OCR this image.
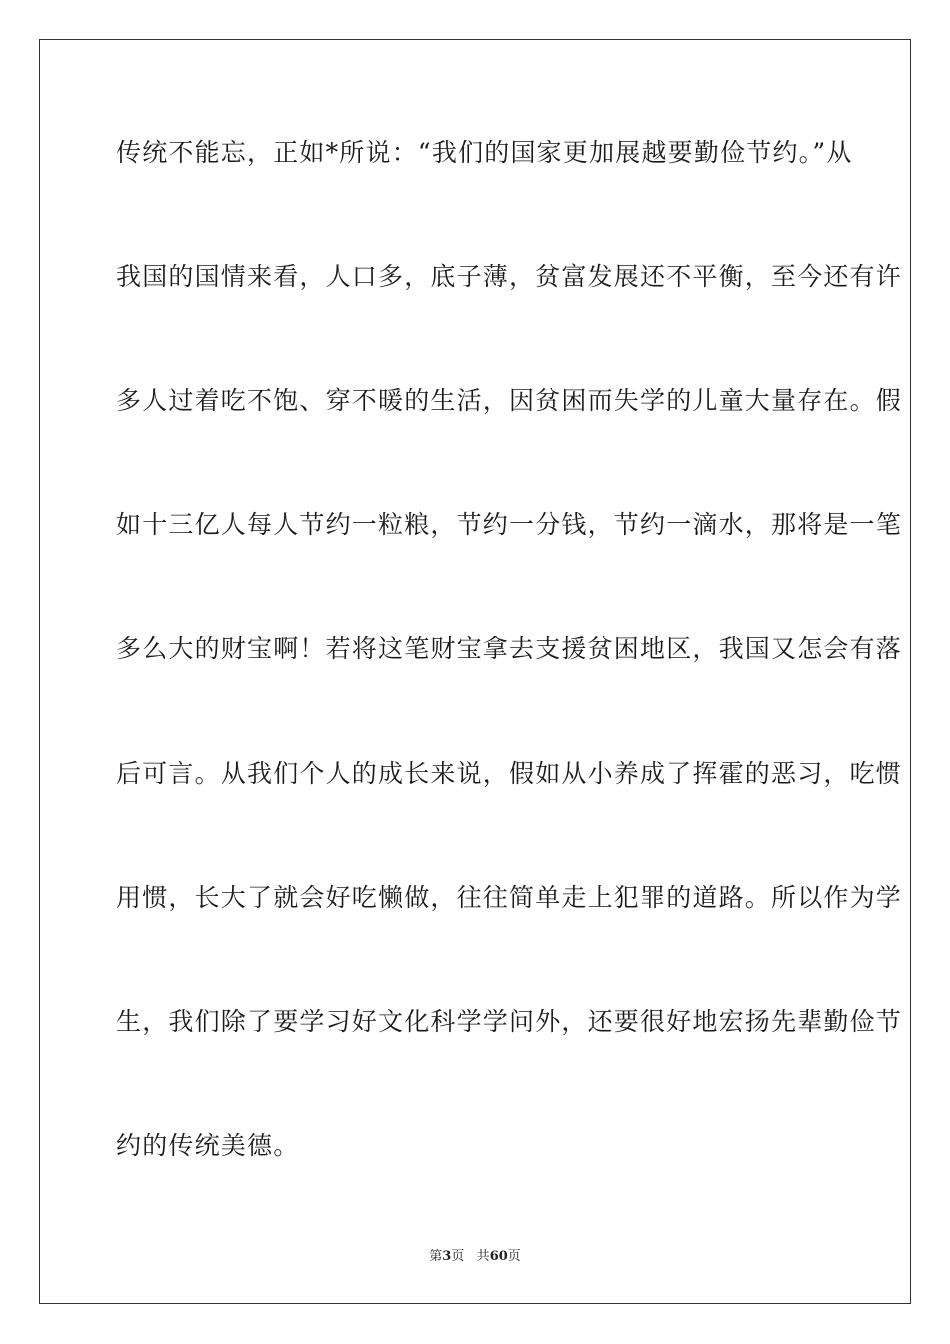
传统不能忘，正如*所说：“我们的国家更加展越要勤俭节约。”从
我国的国情来看，人口多，底子薄，贫富发展还不平衡，至今还有许
多人过着吃不饱、穿不暖的生活，因贫困而失学的儿童大量存在。假
如十三亿人每人节约一粒粮，节约一分钱，节约一滴水，那将是一笔
多么大的财宝啊！若将这笔财宝拿去支援贫困地区，我国又怎会有落
后可言。从我们个人的成长来说，假如从小养成了挥霍的恶习，吃惯
用惯，长大了就会好吃懒做，往往简单走上犯罪的道路。所以作为学
生，我们除了要学习好文化科学学问外，还要很好地宏扬先辈勤俭节
约的传统美德。
第3页 共60页
